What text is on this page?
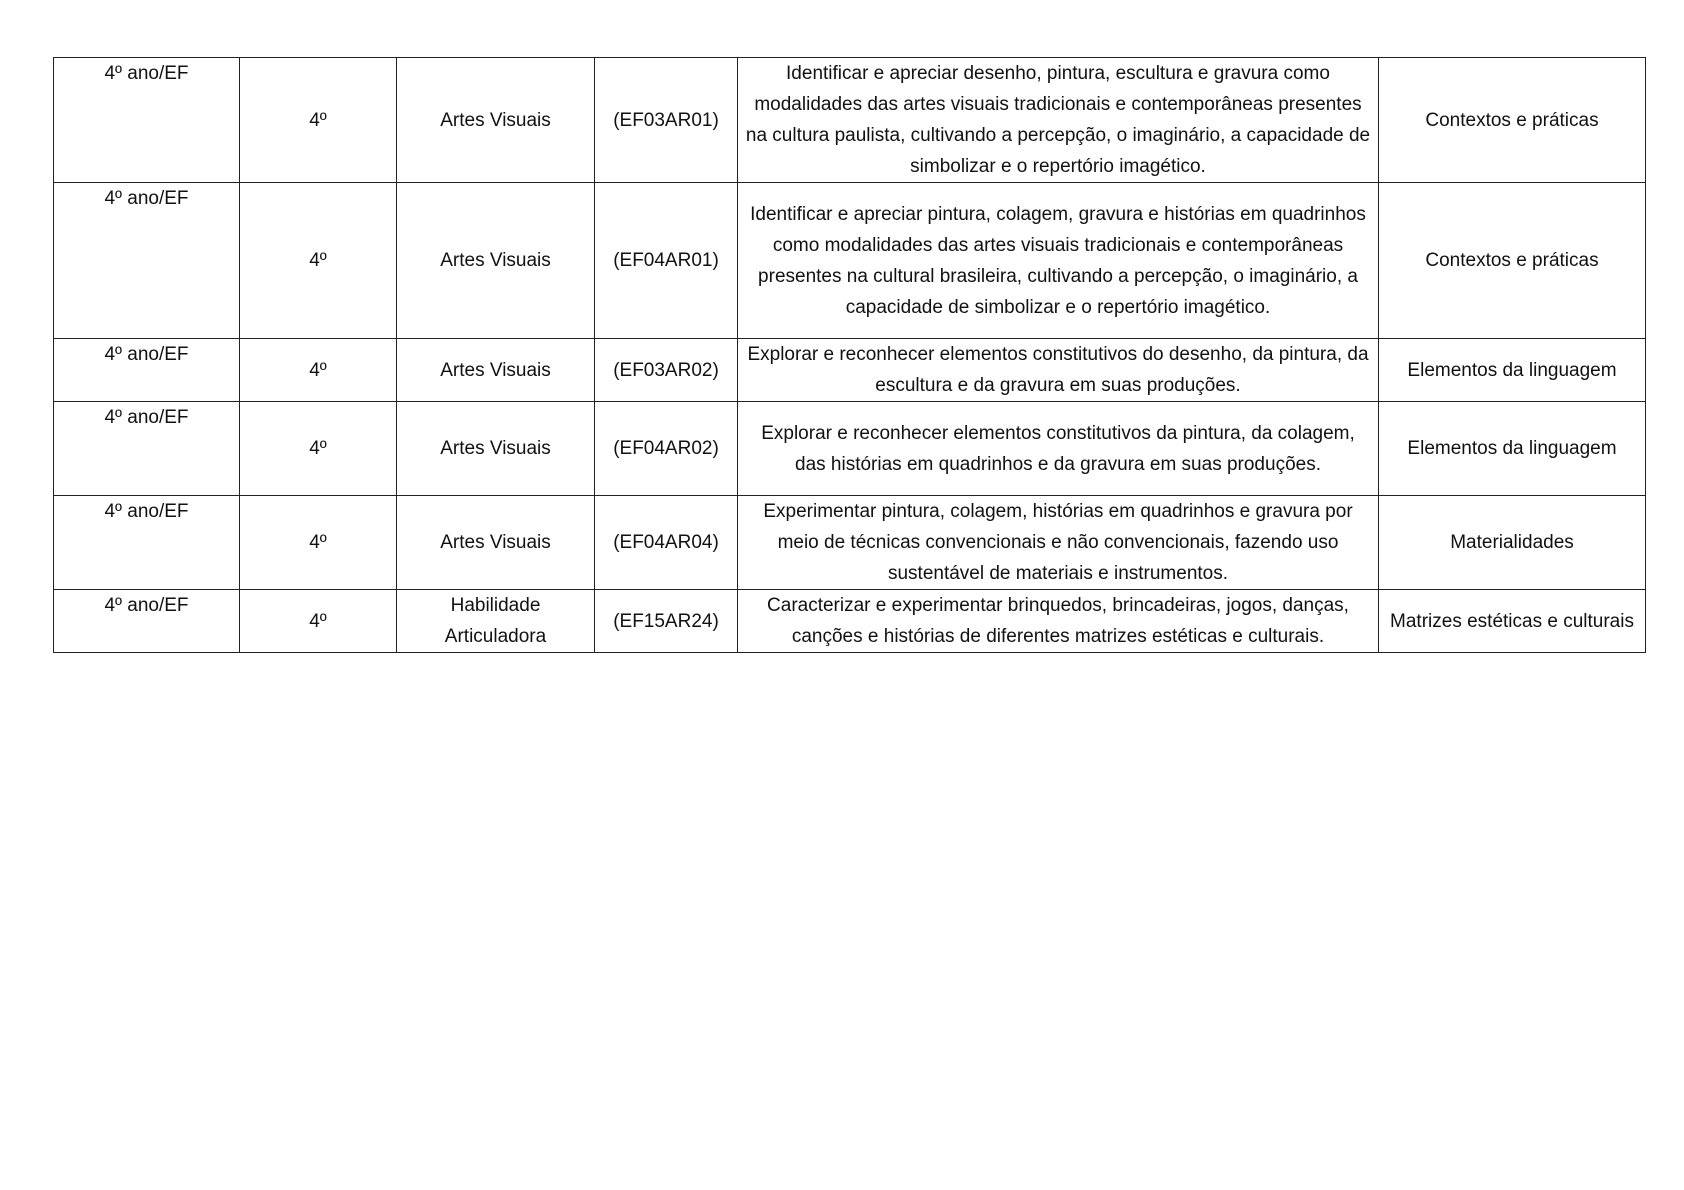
4º ano/EF	4º	Artes Visuais	(EF03AR01)	Identificar e apreciar desenho, pintura, escultura e gravura como modalidades das artes visuais tradicionais e contemporâneas presentes na cultura paulista, cultivando a percepção, o imaginário, a capacidade de simbolizar e o repertório imagético.	Contextos e práticas
4º ano/EF	4º	Artes Visuais	(EF04AR01)	Identificar e apreciar pintura, colagem, gravura e histórias em quadrinhos como modalidades das artes visuais tradicionais e contemporâneas presentes na cultural brasileira, cultivando a percepção, o imaginário, a capacidade de simbolizar e o repertório imagético.	Contextos e práticas
4º ano/EF	4º	Artes Visuais	(EF03AR02)	Explorar e reconhecer elementos constitutivos do desenho, da pintura, da escultura e da gravura em suas produções.	Elementos da linguagem
4º ano/EF	4º	Artes Visuais	(EF04AR02)	Explorar e reconhecer elementos constitutivos da pintura, da colagem, das histórias em quadrinhos e da gravura em suas produções.	Elementos da linguagem
4º ano/EF	4º	Artes Visuais	(EF04AR04)	Experimentar pintura, colagem, histórias em quadrinhos e gravura por meio de técnicas convencionais e não convencionais, fazendo uso sustentável de materiais e instrumentos.	Materialidades
4º ano/EF	4º	Habilidade Articuladora	(EF15AR24)	Caracterizar e experimentar brinquedos, brincadeiras, jogos, danças, canções e histórias de diferentes matrizes estéticas e culturais.	Matrizes estéticas e culturais
